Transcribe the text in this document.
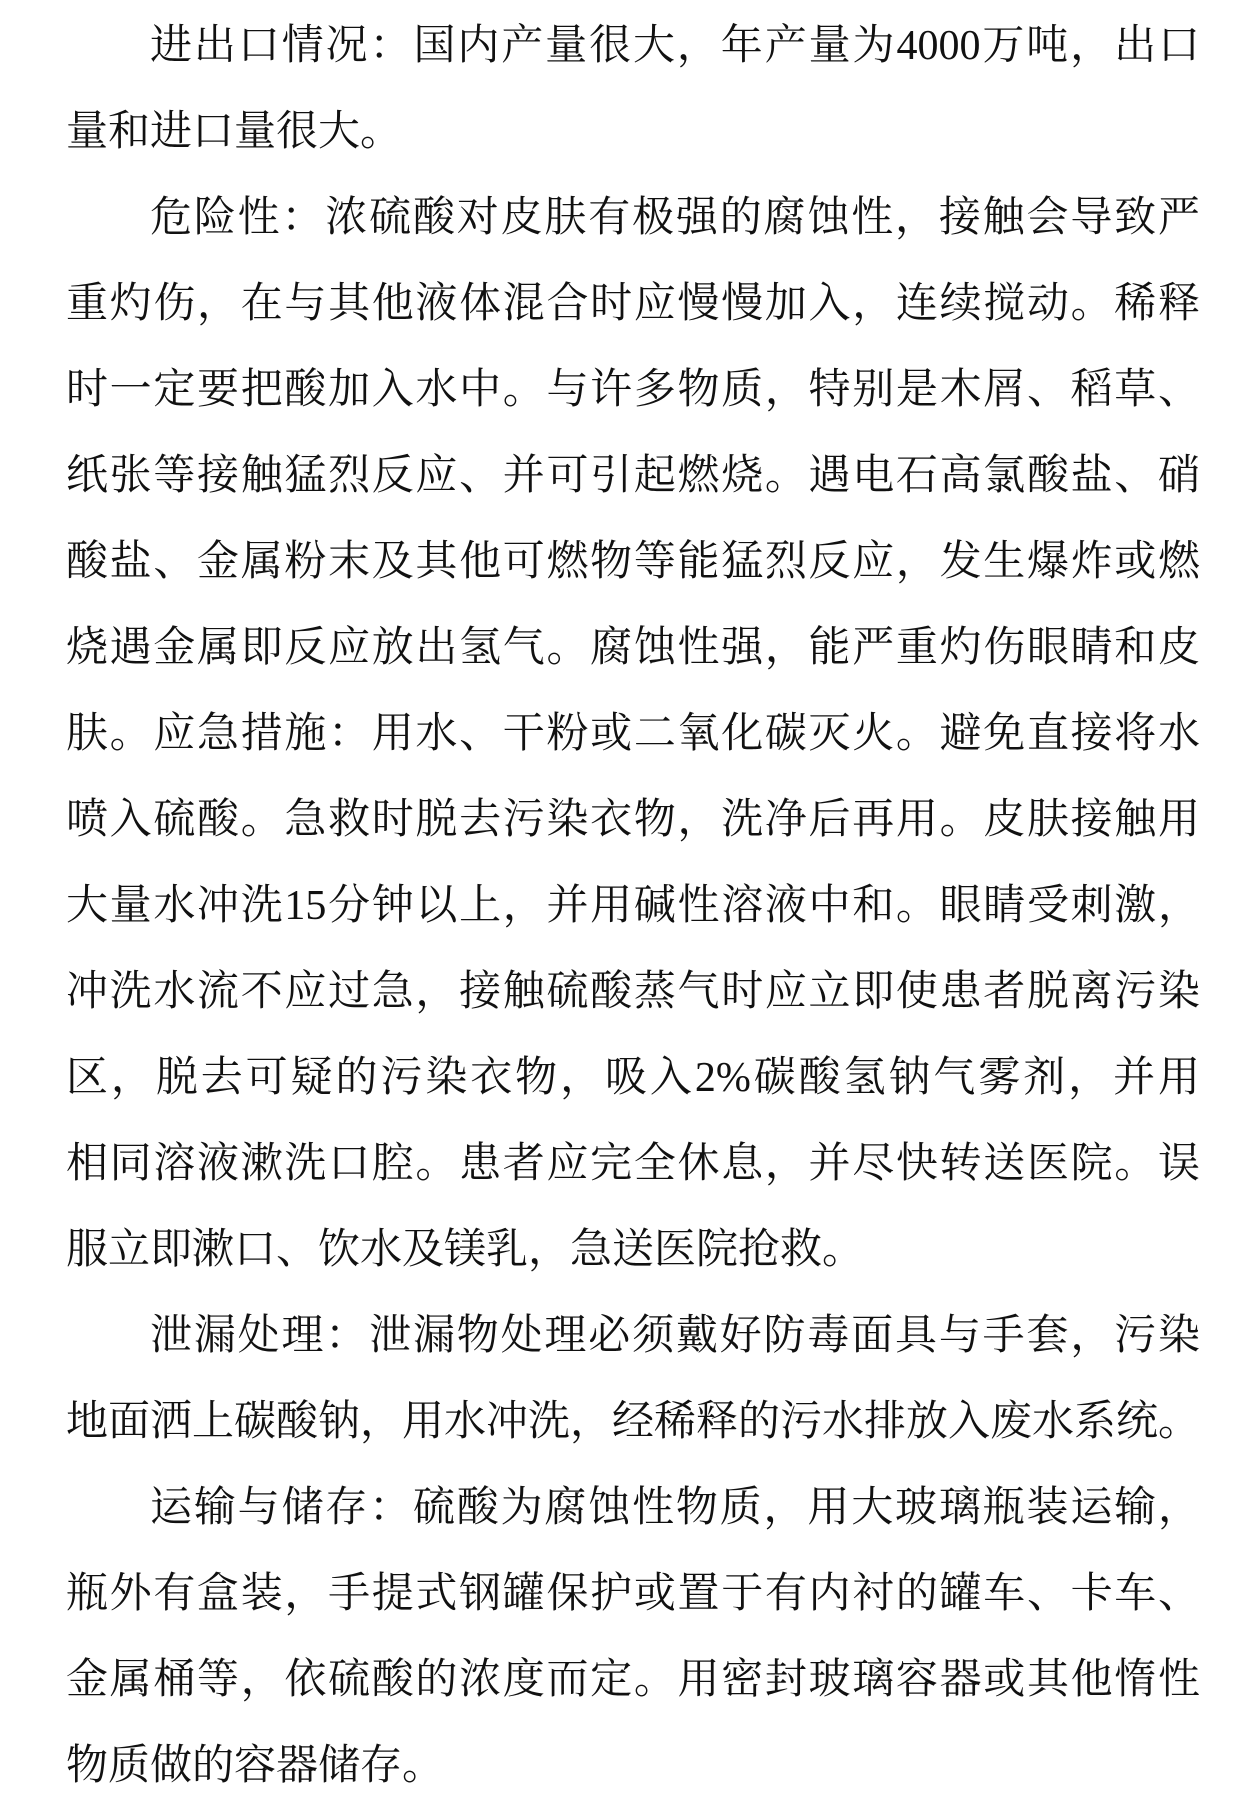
进出口情况：国内产量很大，年产量为4000万吨，出口
量和进口量很大。
危险性：浓硫酸对皮肤有极强的腐蚀性，接触会导致严
重灼伤，在与其他液体混合时应慢慢加入，连续搅动。稀释
时一定要把酸加入水中。与许多物质，特别是木屑、稻草、
纸张等接触猛烈反应、并可引起燃烧。遇电石高氯酸盐、硝
酸盐、金属粉末及其他可燃物等能猛烈反应，发生爆炸或燃
烧遇金属即反应放出氢气。腐蚀性强，能严重灼伤眼睛和皮
肤。应急措施：用水、干粉或二氧化碳灭火。避免直接将水
喷入硫酸。急救时脱去污染衣物，洗净后再用。皮肤接触用
大量水冲洗15分钟以上，并用碱性溶液中和。眼睛受刺激，
冲洗水流不应过急，接触硫酸蒸气时应立即使患者脱离污染
区，脱去可疑的污染衣物，吸入2%碳酸氢钠气雾剂，并用
相同溶液漱洗口腔。患者应完全休息，并尽快转送医院。误
服立即漱口、饮水及镁乳，急送医院抢救。
泄漏处理：泄漏物处理必须戴好防毒面具与手套，污染
地面洒上碳酸钠，用水冲洗，经稀释的污水排放入废水系统。
运输与储存：硫酸为腐蚀性物质，用大玻璃瓶装运输，
瓶外有盒装，手提式钢罐保护或置于有内衬的罐车、卡车、
金属桶等，依硫酸的浓度而定。用密封玻璃容器或其他惰性
物质做的容器储存。
